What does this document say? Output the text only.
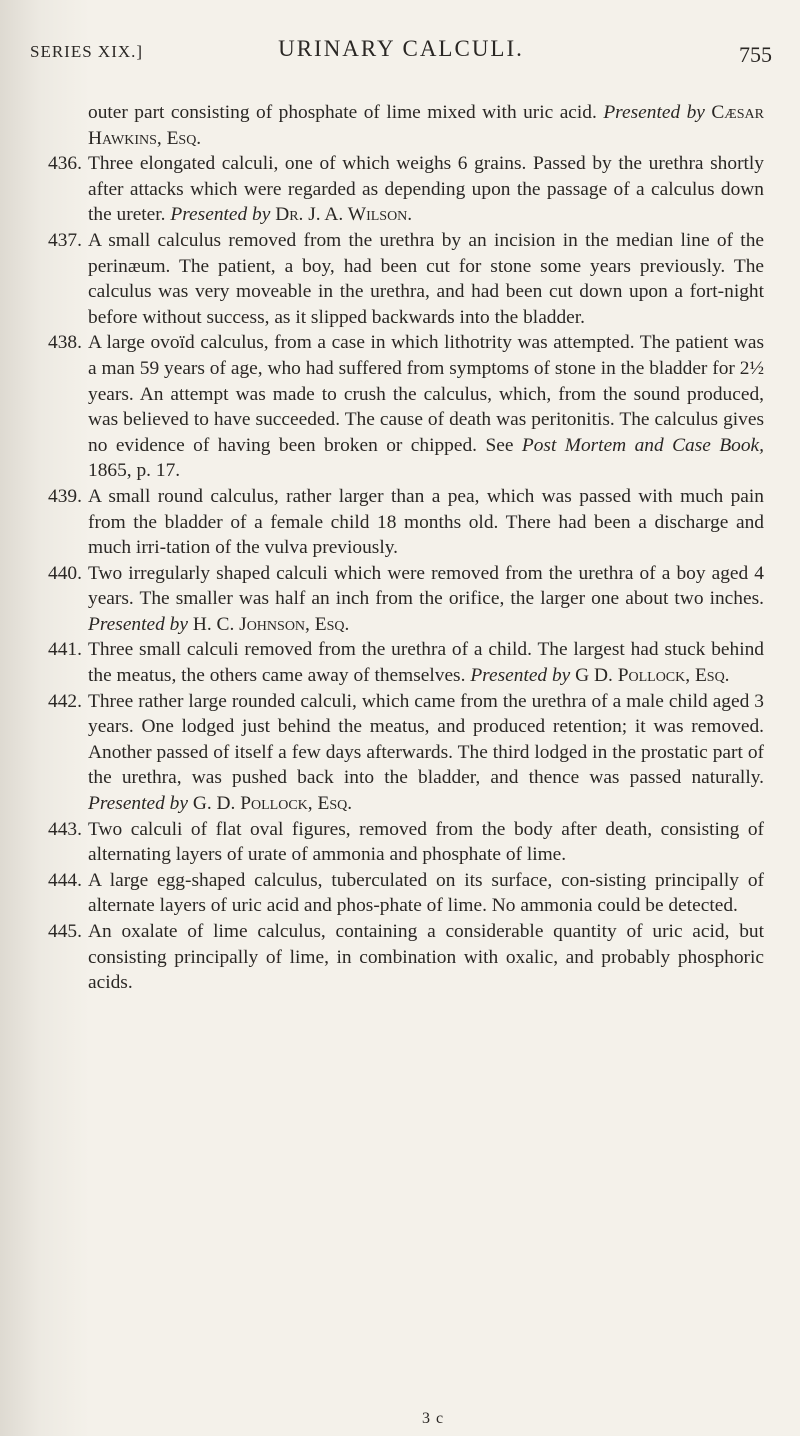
SERIES XIX.]	URINARY CALCULI.	755

outer part consisting of phosphate of lime mixed with uric acid. Presented by Cæsar Hawkins, Esq.

436. Three elongated calculi, one of which weighs 6 grains. Passed by the urethra shortly after attacks which were regarded as depending upon the passage of a calculus down the ureter. Presented by Dr. J. A. Wilson.

437. A small calculus removed from the urethra by an incision in the median line of the perinæum. The patient, a boy, had been cut for stone some years previously. The calculus was very moveable in the urethra, and had been cut down upon a fort-night before without success, as it slipped backwards into the bladder.

438. A large ovoïd calculus, from a case in which lithotrity was attempted. The patient was a man 59 years of age, who had suffered from symptoms of stone in the bladder for 2½ years. An attempt was made to crush the calculus, which, from the sound produced, was believed to have succeeded. The cause of death was peritonitis. The calculus gives no evidence of having been broken or chipped. See Post Mortem and Case Book, 1865, p. 17.

439. A small round calculus, rather larger than a pea, which was passed with much pain from the bladder of a female child 18 months old. There had been a discharge and much irri-tation of the vulva previously.

440. Two irregularly shaped calculi which were removed from the urethra of a boy aged 4 years. The smaller was half an inch from the orifice, the larger one about two inches. Presented by H. C. Johnson, Esq.

441. Three small calculi removed from the urethra of a child. The largest had stuck behind the meatus, the others came away of themselves. Presented by G D. Pollock, Esq.

442. Three rather large rounded calculi, which came from the urethra of a male child aged 3 years. One lodged just behind the meatus, and produced retention; it was removed. Another passed of itself a few days afterwards. The third lodged in the prostatic part of the urethra, was pushed back into the bladder, and thence was passed naturally. Presented by G. D. Pollock, Esq.

443. Two calculi of flat oval figures, removed from the body after death, consisting of alternating layers of urate of ammonia and phosphate of lime.

444. A large egg-shaped calculus, tuberculated on its surface, con-sisting principally of alternate layers of uric acid and phos-phate of lime. No ammonia could be detected.

445. An oxalate of lime calculus, containing a considerable quantity of uric acid, but consisting principally of lime, in combination with oxalic, and probably phosphoric acids.

3 c
